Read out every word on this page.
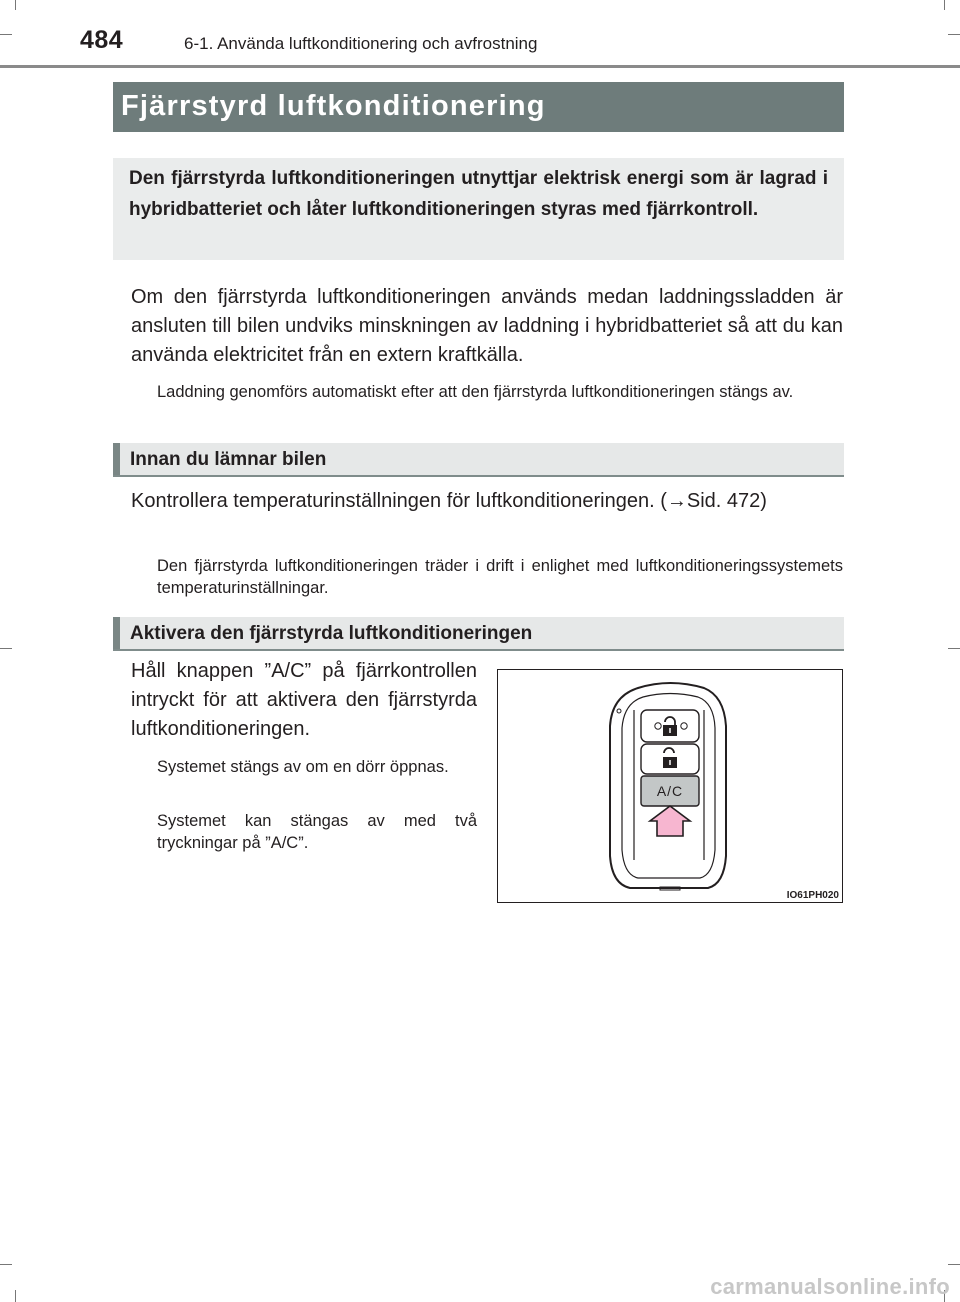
484	6-1. Använda luftkonditionering och avfrostning
Fjärrstyrd luftkonditionering
Den fjärrstyrda luftkonditioneringen utnyttjar elektrisk energi som är lagrad i hybridbatteriet och låter luftkonditioneringen styras med fjärrkontroll.
Om den fjärrstyrda luftkonditioneringen används medan laddningssladden är ansluten till bilen undviks minskningen av laddning i hybridbatteriet så att du kan använda elektricitet från en extern kraftkälla.
Laddning genomförs automatiskt efter att den fjärrstyrda luftkonditioneringen stängs av.
Innan du lämnar bilen
Kontrollera temperaturinställningen för luftkonditioneringen. (→Sid. 472)
Den fjärrstyrda luftkonditioneringen träder i drift i enlighet med luftkonditioneringssystemets temperaturinställningar.
Aktivera den fjärrstyrda luftkonditioneringen
Håll knappen ”A/C” på fjärrkontrollen intryckt för att aktivera den fjärrstyrda luftkonditioneringen.
Systemet stängs av om en dörr öppnas.
Systemet kan stängas av med två tryckningar på ”A/C”.
A/C
IO61PH020
carmanualsonline.info
